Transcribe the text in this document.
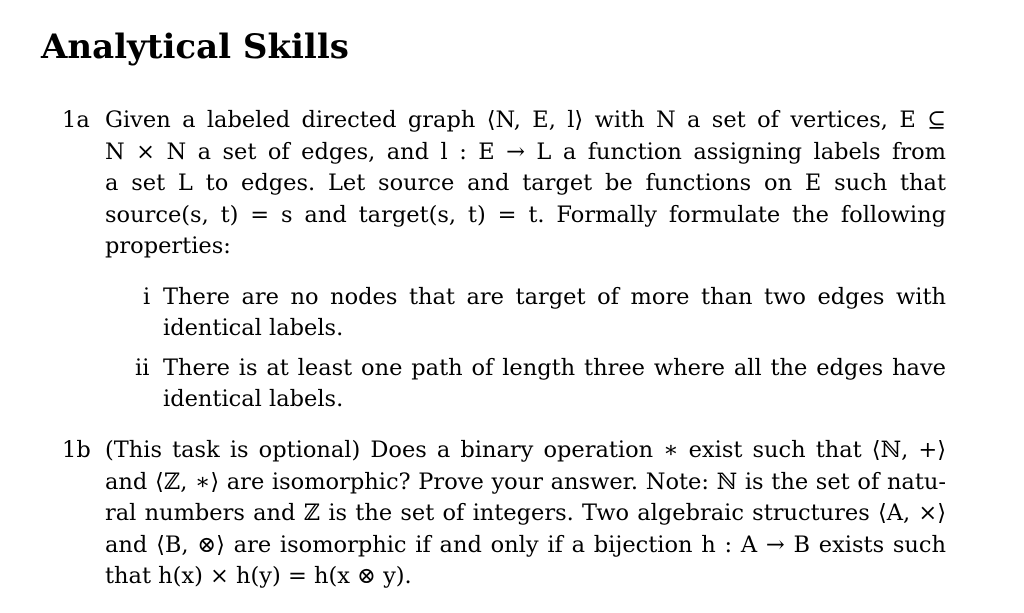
Analytical Skills
1a Given a labeled directed graph ⟨N, E, l⟩ with N a set of vertices, E ⊆
N × N a set of edges, and l : E → L a function assigning labels from
a set L to edges. Let source and target be functions on E such that
source(s, t) = s and target(s, t) = t. Formally formulate the following
properties:
i There are no nodes that are target of more than two edges with
identical labels.
ii There is at least one path of length three where all the edges have
identical labels.
1b (This task is optional) Does a binary operation ∗ exist such that ⟨ℕ, +⟩
and ⟨ℤ, ∗⟩ are isomorphic? Prove your answer. Note: ℕ is the set of natu-
ral numbers and ℤ is the set of integers. Two algebraic structures ⟨A, ×⟩
and ⟨B, ⊗⟩ are isomorphic if and only if a bijection h : A → B exists such
that h(x) × h(y) = h(x ⊗ y).
